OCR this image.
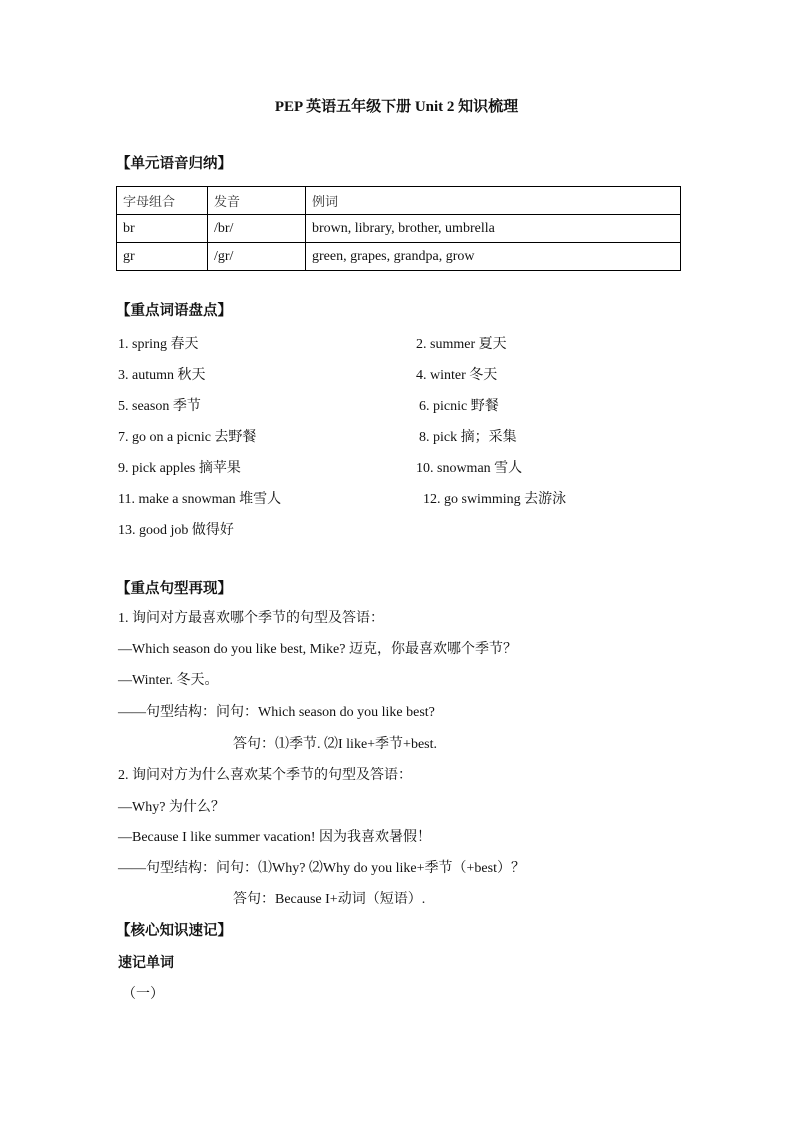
PEP 英语五年级下册 Unit 2 知识梳理
【单元语音归纳】
字母组合	发音	例词
br	/br/	brown, library, brother, umbrella
gr	/gr/	green, grapes, grandpa, grow
【重点词语盘点】
1. spring 春天	2. summer 夏天
3. autumn 秋天	4. winter 冬天
5. season 季节	6. picnic 野餐
7. go on a picnic 去野餐	8. pick 摘；采集
9. pick apples 摘苹果	10. snowman 雪人
11. make a snowman 堆雪人	12. go swimming 去游泳
13. good job 做得好
【重点句型再现】
1. 询问对方最喜欢哪个季节的句型及答语：
—Which season do you like best, Mike? 迈克，你最喜欢哪个季节？
—Winter. 冬天。
——句型结构：问句：Which season do you like best?
答句：⑴季节. ⑵I like+季节+best.
2. 询问对方为什么喜欢某个季节的句型及答语：
—Why? 为什么？
—Because I like summer vacation! 因为我喜欢暑假！
——句型结构：问句：⑴Why? ⑵Why do you like+季节（+best）？
答句：Because I+动词（短语）.
【核心知识速记】
速记单词
（一）
